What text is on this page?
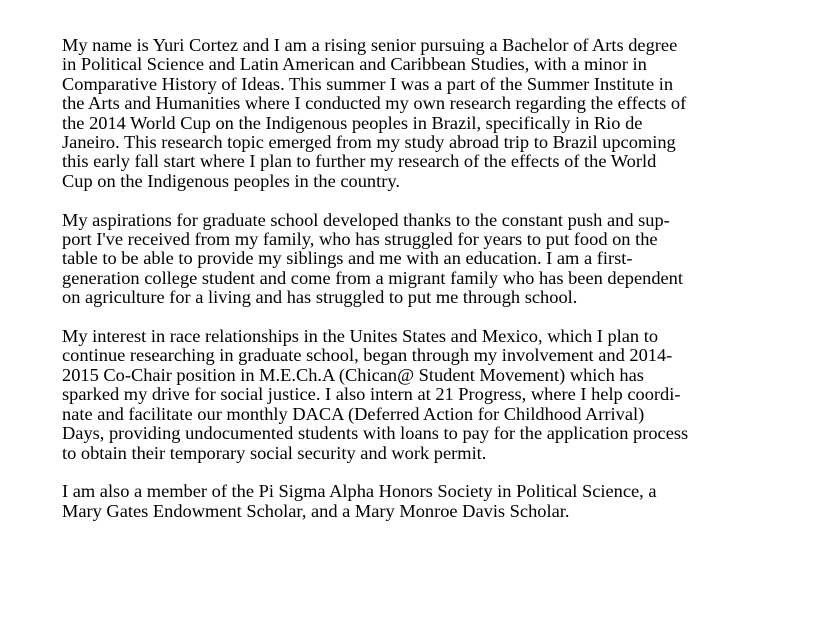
My name is Yuri Cortez and I am a rising senior pursuing a Bachelor of Arts degree
in Political Science and Latin American and Caribbean Studies, with a minor in
Comparative History of Ideas. This summer I was a part of the Summer Institute in
the Arts and Humanities where I conducted my own research regarding the effects of
the 2014 World Cup on the Indigenous peoples in Brazil, specifically in Rio de
Janeiro. This research topic emerged from my study abroad trip to Brazil upcoming
this early fall start where I plan to further my research of the effects of the World
Cup on the Indigenous peoples in the country.

My aspirations for graduate school developed thanks to the constant push and sup-
port I've received from my family, who has struggled for years to put food on the
table to be able to provide my siblings and me with an education. I am a first-
generation college student and come from a migrant family who has been dependent
on agriculture for a living and has struggled to put me through school.

My interest in race relationships in the Unites States and Mexico, which I plan to
continue researching in graduate school, began through my involvement and 2014-
2015 Co-Chair position in M.E.Ch.A (Chican@ Student Movement) which has
sparked my drive for social justice. I also intern at 21 Progress, where I help coordi-
nate and facilitate our monthly DACA (Deferred Action for Childhood Arrival)
Days, providing undocumented students with loans to pay for the application process
to obtain their temporary social security and work permit.

I am also a member of the Pi Sigma Alpha Honors Society in Political Science, a
Mary Gates Endowment Scholar, and a Mary Monroe Davis Scholar.
